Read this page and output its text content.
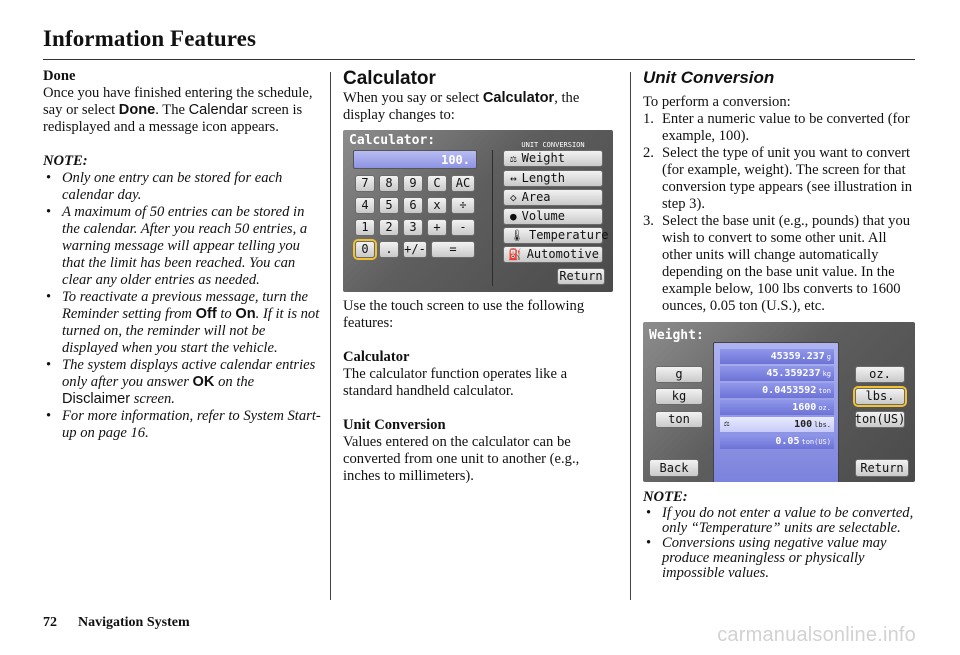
Information Features
Done

Once you have finished entering the schedule, say or select Done. The Calendar screen is redisplayed and a message icon appears.

NOTE:
• Only one entry can be stored for each calendar day.
• A maximum of 50 entries can be stored in the calendar. After you reach 50 entries, a warning message will appear telling you that the limit has been reached. You can clear any older entries as needed.
• To reactivate a previous message, turn the Reminder setting from Off to On. If it is not turned on, the reminder will not be displayed when you start the vehicle.
• The system displays active calendar entries only after you answer OK on the Disclaimer screen.
• For more information, refer to System Start-up on page 16.
Calculator

When you say or select Calculator, the display changes to:

Calculator:	UNIT CONVERSION
100.
7	8	9	C	AC
4	5	6	x	÷
1	2	3	+	-
0	. +/-	=
⚖ Weight
↔ Length
◇ Area
● Volume
🌡 Temperature
⛽ Automotive
Return

Use the touch screen to use the following features:

Calculator

The calculator function operates like a standard handheld calculator.

Unit Conversion

Values entered on the calculator can be converted from one unit to another (e.g., inches to millimeters).

Unit Conversion

To perform a conversion:

1. Enter a numeric value to be converted (for example, 100).
2. Select the type of unit you want to convert (for example, weight). The screen for that conversion type appears (see illustration in step 3).
3. Select the base unit (e.g., pounds) that you wish to convert to some other unit. All other units will change automatically depending on the base unit value. In the example below, 100 lbs converts to 1600 ounces, 0.05 ton (U.S.), etc.
Weight:
45359.237 g
45.359237 kg
0.0453592 ton
1600 oz.
⚖	100 lbs.
0.05 ton(US)
g
kg
ton
oz.
lbs.
ton(US)
Back	Return
NOTE:
• If you do not enter a value to be converted, only “Temperature” units are selectable.
• Conversions using negative value may produce meaningless or physically impossible values.
72 Navigation System
carmanualsonline.info
